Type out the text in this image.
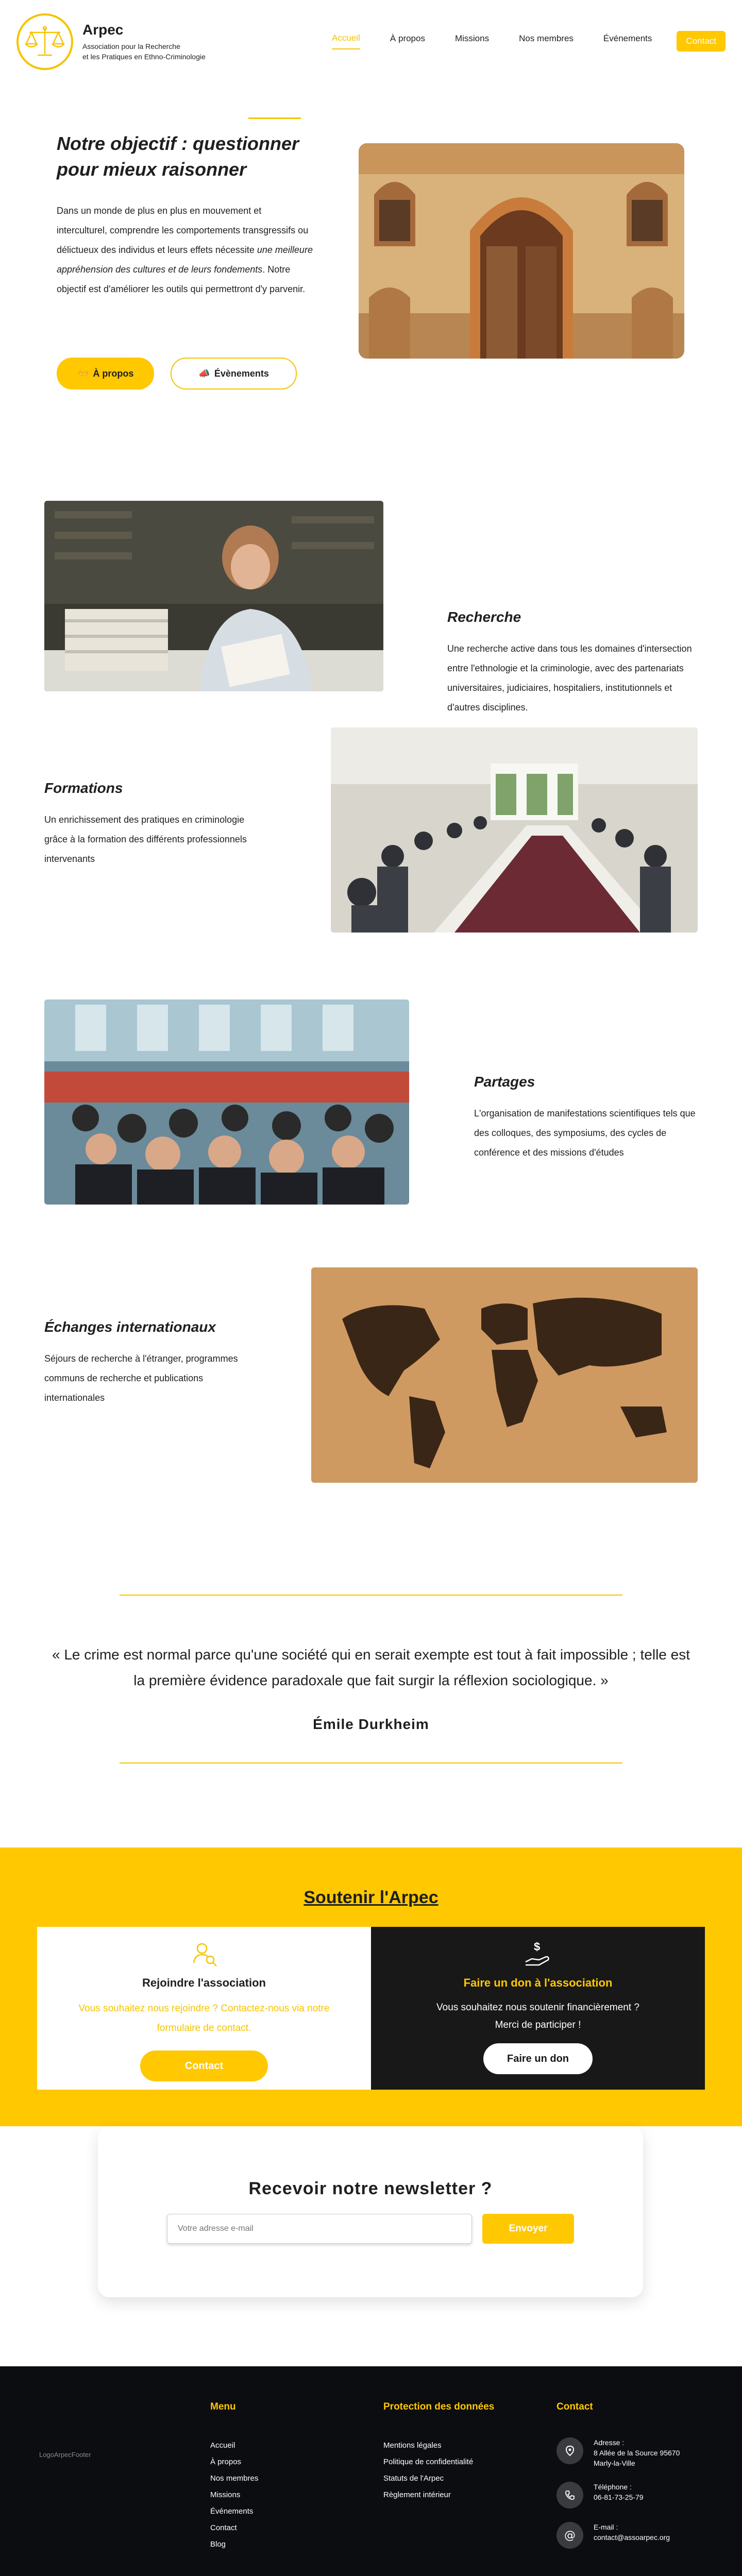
Arpec
Association pour la Recherche
et les Pratiques en Ethno-Criminologie
Accueil	À propos	Missions	Nos membres	Événements	Contact
Notre objectif : questionner pour mieux raisonner

Dans un monde de plus en plus en mouvement et interculturel, comprendre les comportements transgressifs ou délictueux des individus et leurs effets nécessite une meilleure appréhension des cultures et de leurs fondements. Notre objectif est d'améliorer les outils qui permettront d'y parvenir.

👐 À propos	📣 Évènements
Recherche

Une recherche active dans tous les domaines d'intersection entre l'ethnologie et la criminologie, avec des partenariats universitaires, judiciaires, hospitaliers, institutionnels et d'autres disciplines.

Formations

Un enrichissement des pratiques en criminologie grâce à la formation des différents professionnels intervenants

Partages

L'organisation de manifestations scientifiques tels que des colloques, des symposiums, des cycles de conférence et des missions d'études

Échanges internationaux

Séjours de recherche à l'étranger, programmes communs de recherche et publications internationales

« Le crime est normal parce qu'une société qui en serait exempte est tout à fait impossible ; telle est la première évidence paradoxale que fait surgir la réflexion sociologique. »

Émile Durkheim

Soutenir l'Arpec
Rejoindre l'association

Vous souhaitez nous rejoindre ? Contactez-nous via notre formulaire de contact.

Contact
$
Faire un don à l'association

Vous souhaitez nous soutenir financièrement ?
Merci de participer !

Faire un don
Recevoir notre newsletter ?
Votre adresse e-mail
Envoyer
LogoArpecFooter
Menu
Accueil
À propos
Nos membres
Missions
Événements
Contact
Blog
Protection des données
Mentions légales
Politique de confidentialité
Statuts de l'Arpec
Règlement intérieur
Contact
Adresse :
8 Allée de la Source 95670
Marly-la-Ville
Téléphone :
06-81-73-25-79
@
E-mail :
contact@assoarpec.org
